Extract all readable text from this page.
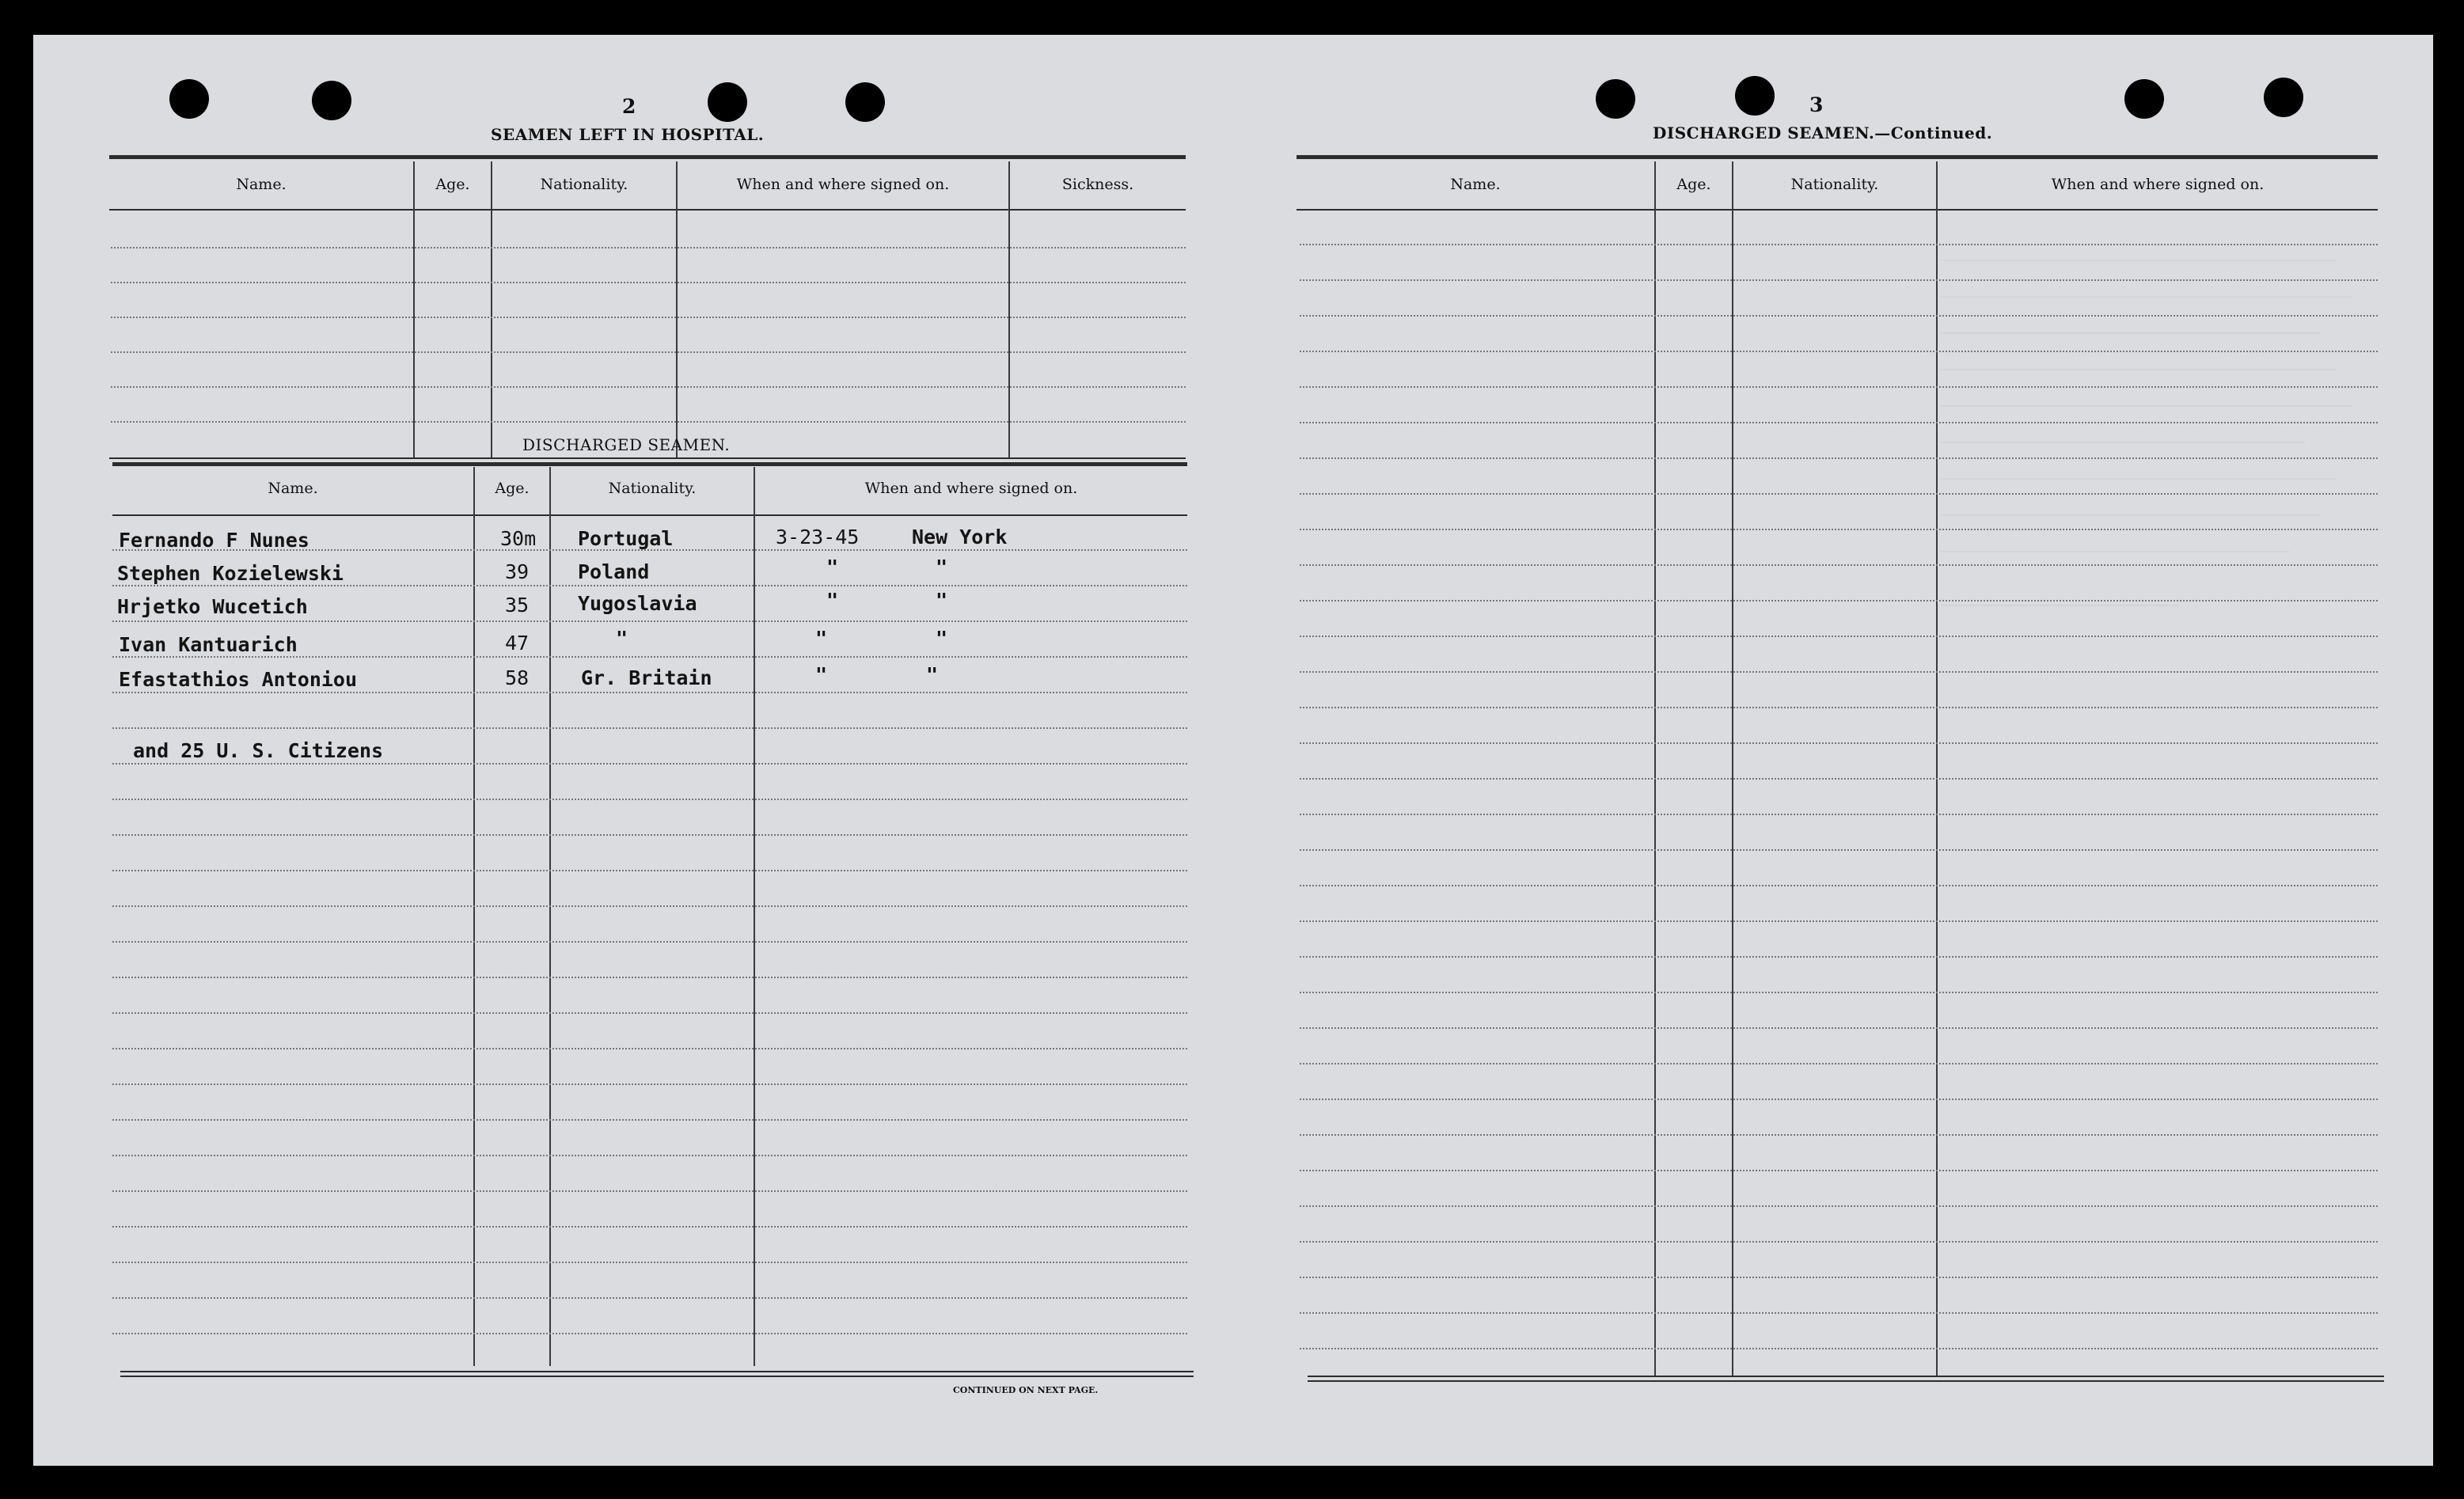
2
SEAMEN LEFT IN HOSPITAL.
Name.	Age.	Nationality.	When and where signed on.	Sickness.
DISCHARGED SEAMEN.
Name.	Age.	Nationality.	When and where signed on.
Fernando F Nunes	30m Portugal	3-23-45	New York
Stephen Kozielewski	39 Poland	"	"
Hrjetko Wucetich	35 Yugoslavia	"	"
Ivan Kantuarich	47	"	"	"
Efastathios Antoniou	58	Gr. Britain	"	"
and 25 U. S. Citizens
CONTINUED ON NEXT PAGE.
3
DISCHARGED SEAMEN.—Continued.
Name.	Age.	Nationality.	When and where signed on.
